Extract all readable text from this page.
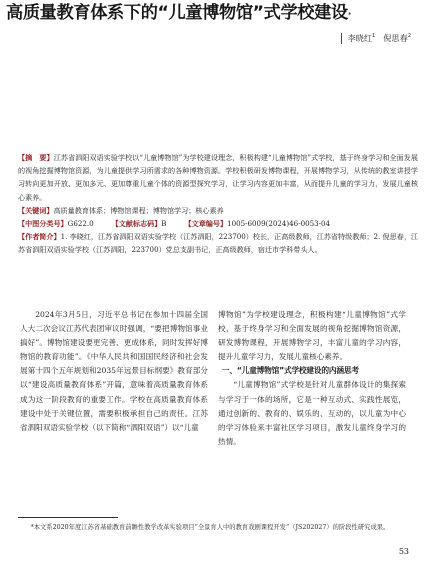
高质量教育体系下的“儿童博物馆”式学校建设*
李晓红$^1$ 倪思春$^2$

【摘　要】江苏省泗阳双语实验学校以“儿童博物馆”为学校建设理念，积极构建“儿童博物馆”式学校，基于终身学习和全面发展的视角挖掘博物馆资源，为儿童提供学习所需求的各种博物资源。学校积极研发博物课程，开展博物学习，从传统的教室讲授学习转向更加开放、更加多元、更加尊重儿童个体的资源型探究学习，让学习内容更加丰富，从而提升儿童的学习力，发展儿童核心素养。

【关键词】高质量教育体系；博物馆课程；博物馆学习；核心素养

【中图分类号】G622.0	【文献标志码】B	【文章编号】1005-6009(2024)46-0053-04

【作者简介】1. 李晓红，江苏省泗阳双语实验学校（江苏泗阳，223700）校长，正高级教师，江苏省特级教师；2. 倪思春，江苏省泗阳双语实验学校（江苏泗阳，223700）党总支副书记，正高级教师，宿迁市学科带头人。

2024年3月5日，习近平总书记在参加十四届全国人大二次会议江苏代表团审议时强调，“要把博物馆事业搞好”。博物馆建设要更完善、更成体系，同时发挥好博物馆的教育功能”。《中华人民共和国国民经济和社会发展第十四个五年规划和2035年远景目标纲要》教育部分以“建设高质量教育体系”开篇，意味着高质量教育体系成为这一阶段教育的重要工作。学校在高质量教育体系建设中处于关键位置，需要积极承担自己的责任。江苏省泗阳双语实验学校（以下简称“泗阳双语”）以“儿童

博物馆”为学校建设理念，积极构建“儿童博物馆”式学校，基于终身学习和全面发展的视角挖掘博物馆资源，研发博物课程，开展博物学习，丰富儿童的学习内容，提升儿童学习力，发展儿童核心素养。

一、“儿童博物馆”式学校建设的内涵思考

“儿童博物馆”式学校是针对儿童群体设计的集探索与学习于一体的场所，它是一种互动式、实践性展览，通过创新的、教育的、娱乐的、互动的，以儿童为中心的学习体验来丰富社区学习项目，激发儿童终身学习的热情。

*本文系2020年度江苏省基础教育前瞻性教学改革实验项目“全景育人中的教育戏剧课程开发”（JS202027）的阶段性研究成果。

53
